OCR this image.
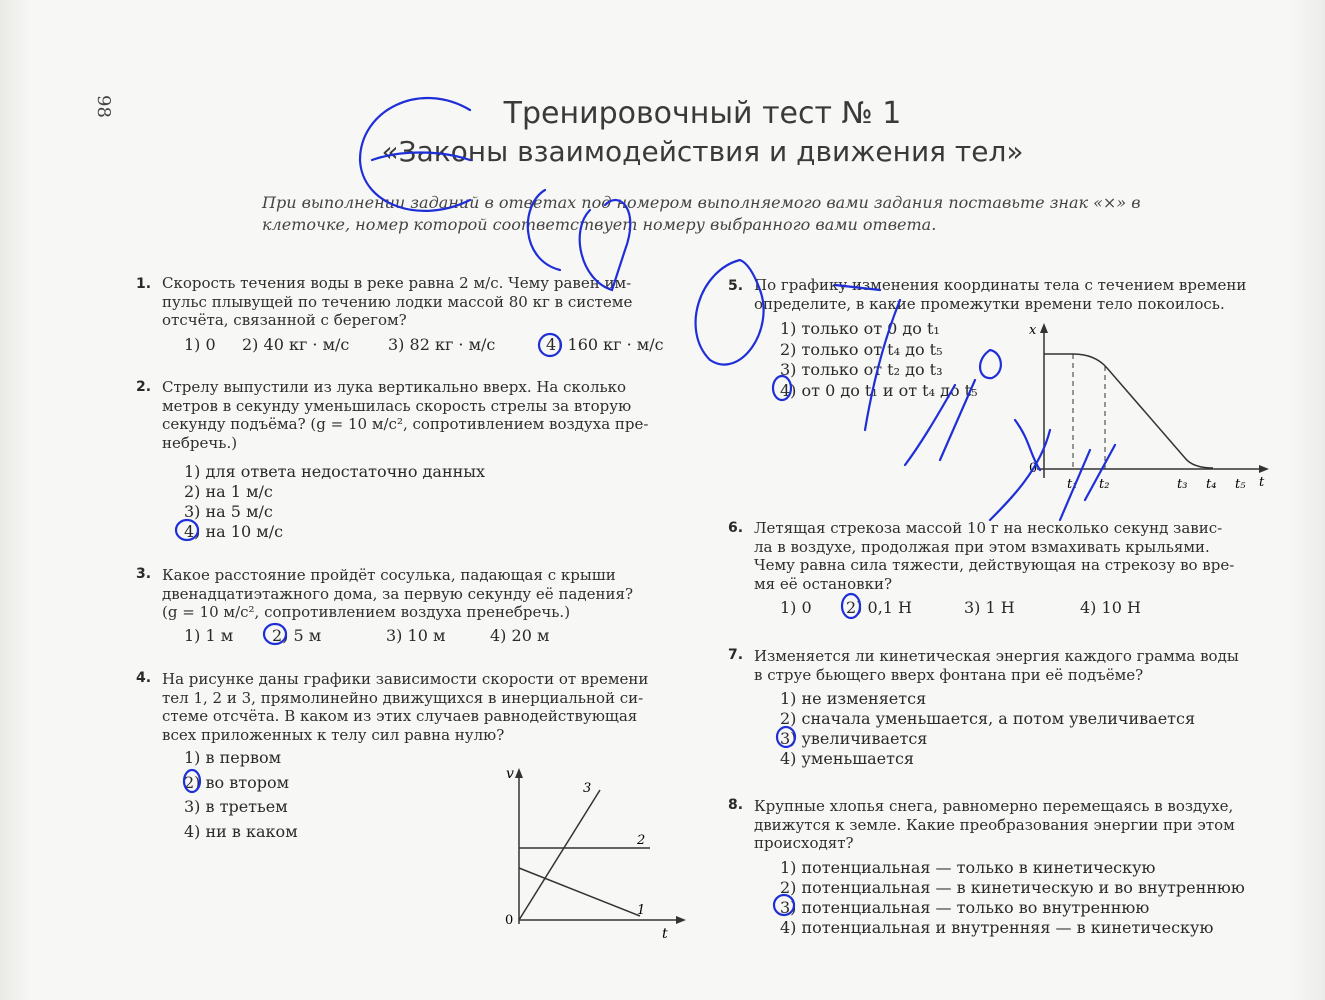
98	Тренировочный тест № 1
«Законы взаимодействия и движения тел»
При выполнении заданий в ответах под номером выполняемого вами задания поставьте знак «×» в клеточке, номер которой соответствует номеру выбранного вами ответа.
1. Скорость течения воды в реке равна 2 м/с. Чему равен им-
пульс плывущей по течению лодки массой 80 кг в системе
отсчёта, связанной с берегом?
1) 0 2) 40 кг · м/с 3) 82 кг · м/с	4) 160 кг · м/с
2. Стрелу выпустили из лука вертикально вверх. На сколько
метров в секунду уменьшилась скорость стрелы за вторую
секунду подъёма? (g = 10 м/с², сопротивлением воздуха пре-
небречь.)
1) для ответа недостаточно данных
2) на 1 м/с
3) на 5 м/с
4) на 10 м/с
3. Какое расстояние пройдёт сосулька, падающая с крыши
двенадцатиэтажного дома, за первую секунду её падения?
(g = 10 м/с², сопротивлением воздуха пренебречь.)
1) 1 м 2) 5 м	3) 10 м	4) 20 м
4. На рисунке даны графики зависимости скорости от времени
тел 1, 2 и 3, прямолинейно движущихся в инерциальной си-
стеме отсчёта. В каком из этих случаев равнодействующая
всех приложенных к телу сил равна нулю?
1) в первом
2) во втором
3) в третьем
4) ни в каком
v
t
0
3
2
1
5. По графику изменения координаты тела с течением времени
определите, в какие промежутки времени тело покоилось.
1) только от 0 до t₁
2) только от t₄ до t₅
3) только от t₂ до t₃
4) от 0 до t₁ и от t₄ до t₅
x
0
t₁ t₂	t₃ t₄ t₅ t
6. Летящая стрекоза массой 10 г на несколько секунд завис-
ла в воздухе, продолжая при этом взмахивать крыльями.
Чему равна сила тяжести, действующая на стрекозу во вре-
мя её остановки?
1) 0 2) 0,1 Н	3) 1 Н	4) 10 Н
7. Изменяется ли кинетическая энергия каждого грамма воды
в струе бьющего вверх фонтана при её подъёме?
1) не изменяется
2) сначала уменьшается, а потом увеличивается
3) увеличивается
4) уменьшается
8. Крупные хлопья снега, равномерно перемещаясь в воздухе,
движутся к земле. Какие преобразования энергии при этом
происходят?
1) потенциальная — только в кинетическую
2) потенциальная — в кинетическую и во внутреннюю
3) потенциальная — только во внутреннюю
4) потенциальная и внутренняя — в кинетическую
